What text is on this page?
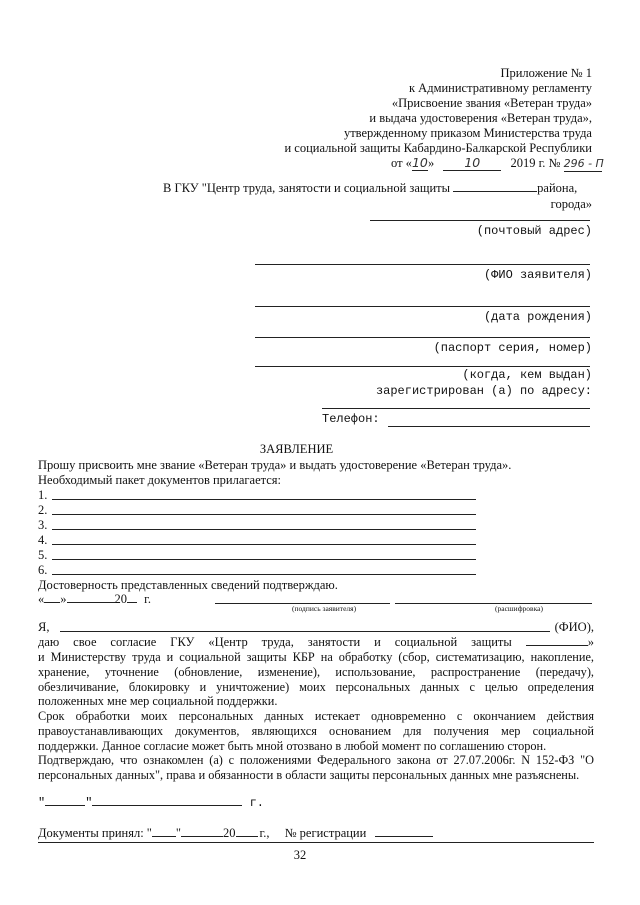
Приложение № 1
к Административному регламенту
«Присвоение звания «Ветеран труда»
и выдача удостоверения «Ветеран труда»,
утвержденному приказом Министерства труда
и социальной защиты Кабардино-Балкарской Республики
от «10» 10 2019 г. № 296 - П
В ГКУ "Центр труда, занятости и социальной защиты	района,
города»
(почтовый адрес)
(ФИО заявителя)
(дата рождения)
(паспорт серия, номер)
(когда, кем выдан)
зарегистрирован (а) по адресу:
Телефон:
ЗАЯВЛЕНИЕ
Прошу присвоить мне звание «Ветеран труда» и выдать удостоверение «Ветеран труда».
Необходимый пакет документов прилагается:
1.
2.
3.
4.
5.
6.
Достоверность представленных сведений подтверждаю.
« »	20 г.
(подпись заявителя)	(расшифровка)
Я,	(ФИО),
даю свое согласие ГКУ «Центр труда, занятости и социальной защиты	»
и Министерству труда и социальной защиты КБР на обработку (сбор, систематизацию, накопление, хранение, уточнение (обновление, изменение), использование, распространение (передачу), обезличивание, блокировку и уничтожение) моих персональных данных с целью определения положенных мне мер социальной поддержки.
Срок обработки моих персональных данных истекает одновременно с окончанием действия правоустанавливающих документов, являющихся основанием для получения мер социальной поддержки. Данное согласие может быть мной отозвано в любой момент по соглашению сторон.
Подтверждаю, что ознакомлен (а) с положениями Федерального закона от 27.07.2006г. N 152-ФЗ "О персональных данных", права и обязанности в области защиты персональных данных мне разъяснены.
"	"	г.
Документы принял: " "	20 г., № регистрации
32
